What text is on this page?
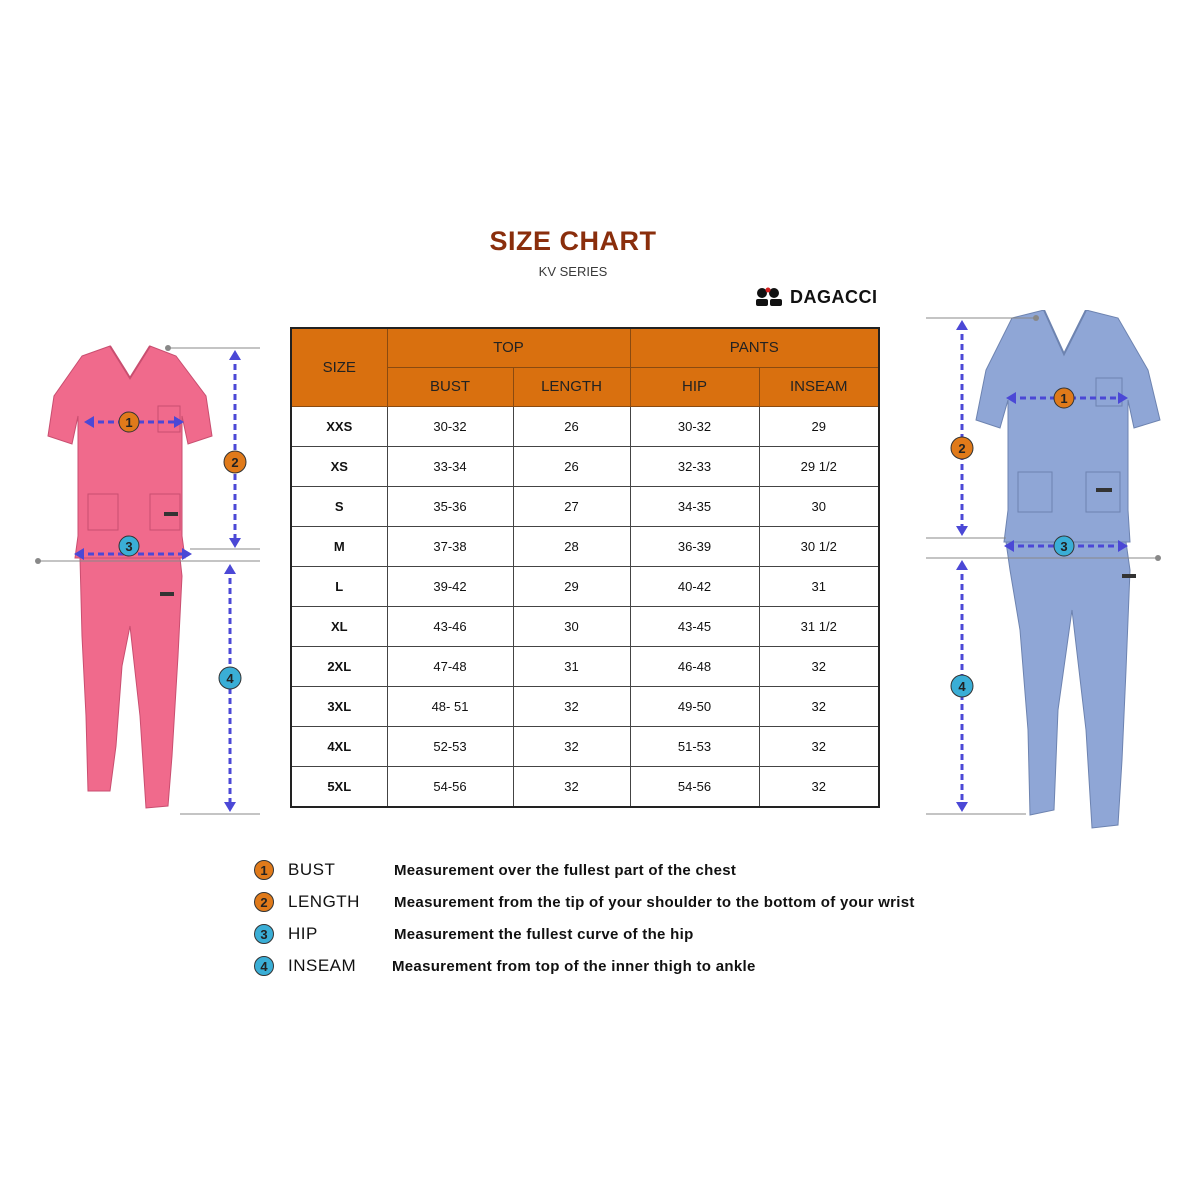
SIZE CHART
KV SERIES
DAGACCI
SIZE	TOP		PANTS	
	BUST	LENGTH	HIP	INSEAM
XXS	30-32	26	30-32	29
XS	33-34	26	32-33	29 1/2
S	35-36	27	34-35	30
M	37-38	28	36-39	30 1/2
L	39-42	29	40-42	31
XL	43-46	30	43-45	31 1/2
2XL	47-48	31	46-48	32
3XL	48- 51	32	49-50	32
4XL	52-53	32	51-53	32
5XL	54-56	32	54-56	32
1
2
3
4
1
2
3
4
1	BUST	Measurement over the fullest part of the chest
2	LENGTH Measurement from the tip of your shoulder to the bottom of your wrist
3	HIP	Measurement the fullest curve of the hip
4	INSEAM Measurement from top of the inner thigh to ankle
